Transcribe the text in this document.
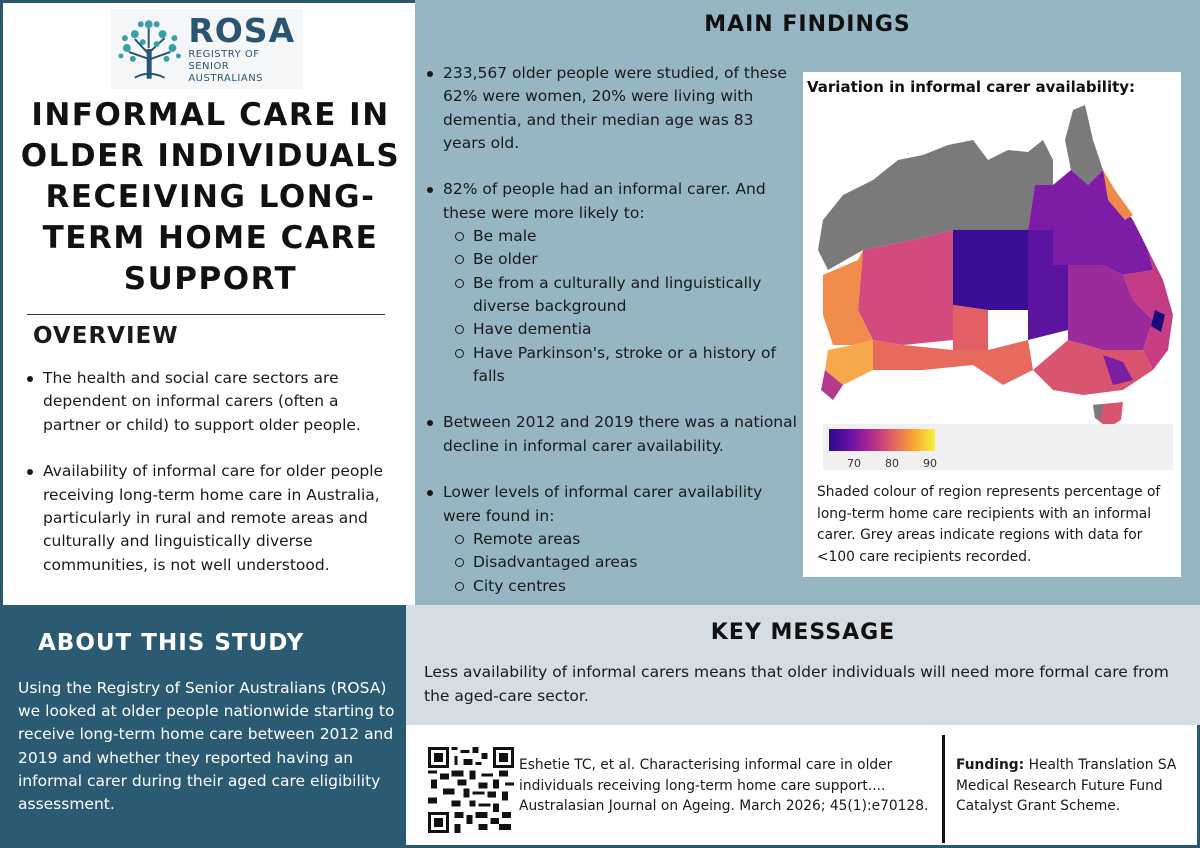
ROSA
REGISTRY OF SENIOR
AUSTRALIANS
INFORMAL CARE IN OLDER INDIVIDUALS RECEIVING LONG-TERM HOME CARE SUPPORT
OVERVIEW
The health and social care sectors are dependent on informal carers (often a partner or child) to support older people.
Availability of informal care for older people receiving long-term home care in Australia, particularly in rural and remote areas and culturally and linguistically diverse communities, is not well understood.
MAIN FINDINGS
233,567 older people were studied, of these 62% were women, 20% were living with dementia, and their median age was 83 years old.
82% of people had an informal carer. And these were more likely to:
Be male
Be older
Be from a culturally and linguistically diverse background
Have dementia
Have Parkinson's, stroke or a history of falls
Between 2012 and 2019 there was a national decline in informal carer availability.
Lower levels of informal carer availability were found in:
Remote areas
Disadvantaged areas
City centres
Variation in informal carer availability:
70 80 90

Shaded colour of region represents percentage of long-term home care recipients with an informal carer. Grey areas indicate regions with data for <100 care recipients recorded.

ABOUT THIS STUDY

Using the Registry of Senior Australians (ROSA) we looked at older people nationwide starting to receive long-term home care between 2012 and 2019 and whether they reported having an informal carer during their aged care eligibility assessment.

KEY MESSAGE

Less availability of informal carers means that older individuals will need more formal care from the aged-care sector.

Eshetie TC, et al. Characterising informal care in older individuals receiving long-term home care support.... Australasian Journal on Ageing. March 2026; 45(1):e70128.

Funding: Health Translation SA Medical Research Future Fund Catalyst Grant Scheme.
